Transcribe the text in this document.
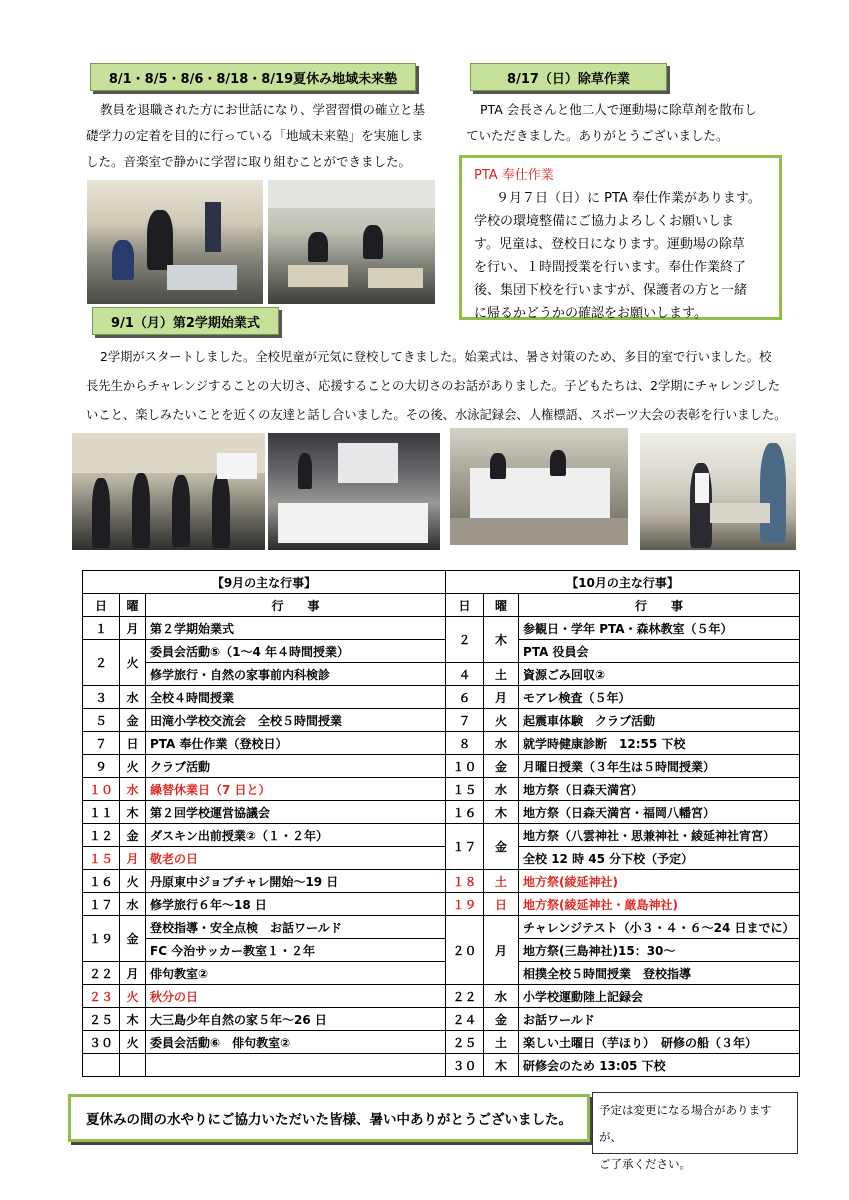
8/1・8/5・8/6・8/18・8/19夏休み地域未来塾
教員を退職された方にお世話になり、学習習慣の確立と基
礎学力の定着を目的に行っている「地域未来塾」を実施しま
した。音楽室で静かに学習に取り組むことができました。
8/17（日）除草作業
PTA 会長さんと他二人で運動場に除草剤を散布し
ていただきました。ありがとうございました。
PTA 奉仕作業
９月７日（日）に PTA 奉仕作業があります。
学校の環境整備にご協力よろしくお願いしま
す。児童は、登校日になります。運動場の除草
を行い、１時間授業を行います。奉仕作業終了
後、集団下校を行いますが、保護者の方と一緒
に帰るかどうかの確認をお願いします。
9/1（月）第2学期始業式
2学期がスタートしました。全校児童が元気に登校してきました。始業式は、暑さ対策のため、多目的室で行いました。校
長先生からチャレンジすることの大切さ、応援することの大切さのお話がありました。子どもたちは、2学期にチャレンジした
いこと、楽しみたいことを近くの友達と話し合いました。その後、水泳記録会、人権標語、スポーツ大会の表彰を行いました。
【9月の主な行事】			【10月の主な行事】		
日	曜	行　　事	日	曜	行　　事
１	月	第２学期始業式	２	木	参観日・学年 PTA・森林教室（５年）
２	火	委員会活動⑤（1～4 年４時間授業）			PTA 役員会
		修学旅行・自然の家事前内科検診	４	土	資源ごみ回収②
３	水	全校４時間授業	６	月	モアレ検査（５年）
５	金	田滝小学校交流会　全校５時間授業	７	火	起震車体験　クラブ活動
７	日	PTA 奉仕作業（登校日）	８	水	就学時健康診断　12:55 下校
９	火	クラブ活動	１０	金	月曜日授業（３年生は５時間授業）
１０	水	繰替休業日（7 日と）	１５	水	地方祭（日森天満宮）
１１	木	第２回学校運営協議会	１６	木	地方祭（日森天満宮・福岡八幡宮）
１２	金	ダスキン出前授業②（１・２年）	１７	金	地方祭（八雲神社・思兼神社・綾延神社宵宮）
１５	月	敬老の日			全校 12 時 45 分下校（予定）
１６	火	丹原東中ジョブチャレ開始～19 日	１８	土	地方祭(綾延神社)
１７	水	修学旅行６年～18 日	１９	日	地方祭(綾延神社・厳島神社)
１９	金	登校指導・安全点検　お話ワールド	２０	月	チャレンジテスト（小３・４・６～24 日までに）
		FC 今治サッカー教室１・２年			地方祭(三島神社)15：30～
２２	月	俳句教室②			相撲全校５時間授業　登校指導
２３	火	秋分の日	２２	水	小学校運動陸上記録会
２５	木	大三島少年自然の家５年～26 日	２４	金	お話ワールド
３０	火	委員会活動⑥　俳句教室②	２５	土	楽しい土曜日（芋ほり）　研修の船（３年）
			３０	木	研修会のため 13:05 下校
夏休みの間の水やりにご協力いただいた皆様、暑い中ありがとうございました。
予定は変更になる場合がありますが、
ご了承ください。
